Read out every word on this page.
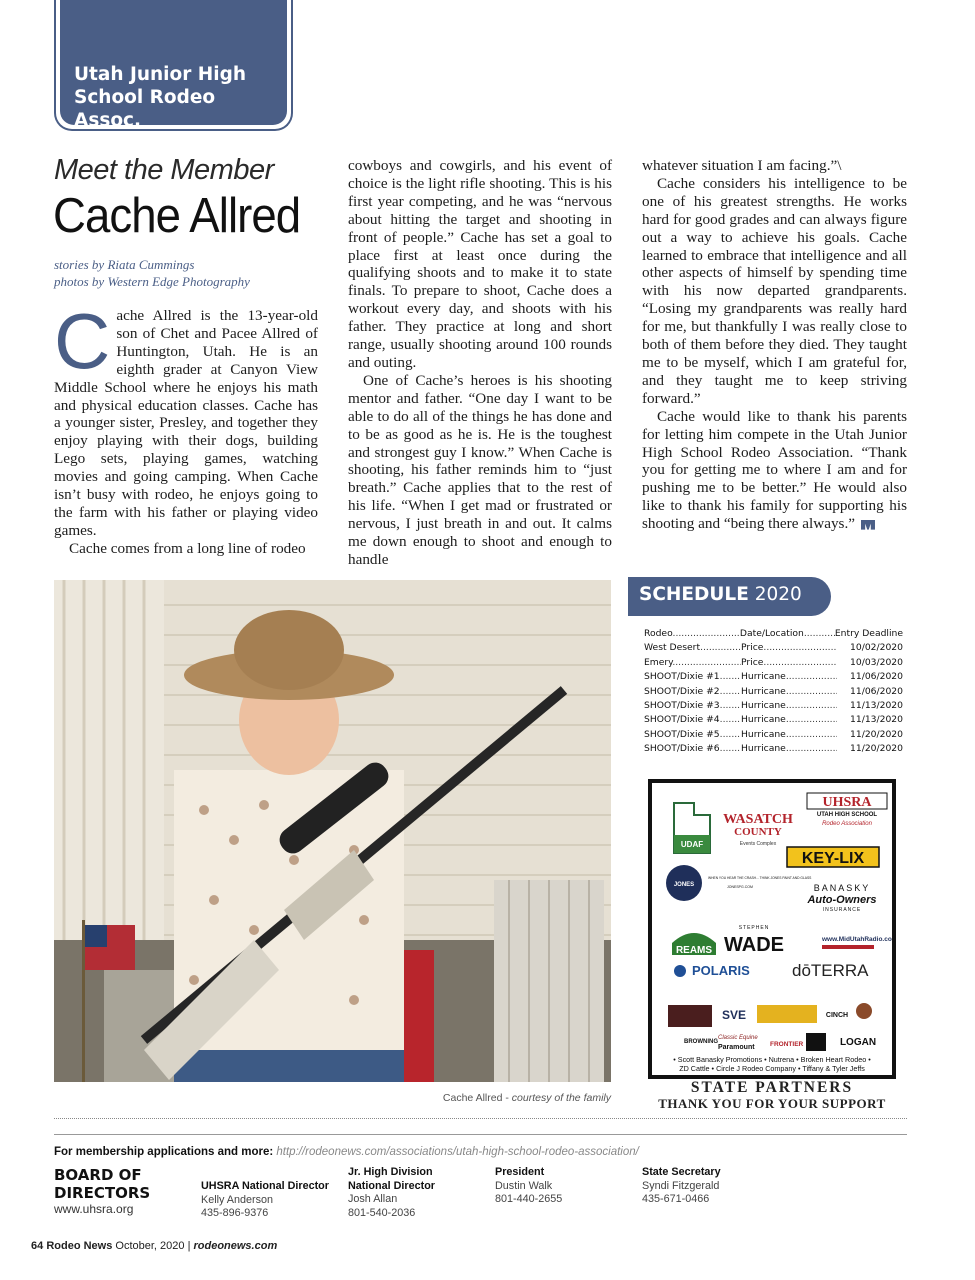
Utah Junior High School Rodeo Assoc.
Meet the Member
Cache Allred
stories by Riata Cummings
photos by Western Edge Photography

Cache Allred is the 13-year-old son of Chet and Pacee Allred of Huntington, Utah. He is an eighth grader at Canyon View Middle School where he enjoys his math and physical education classes. Cache has a younger sister, Presley, and together they enjoy playing with their dogs, building Lego sets, playing games, watching movies and going camping. When Cache isn’t busy with rodeo, he enjoys going to the farm with his father or playing video games.

Cache comes from a long line of rodeo

cowboys and cowgirls, and his event of choice is the light rifle shooting. This is his first year competing, and he was “nervous about hitting the target and shooting in front of people.” Cache has set a goal to place first at least once during the qualifying shoots and to make it to state finals. To prepare to shoot, Cache does a workout every day, and shoots with his father. They practice at long and short range, usually shooting around 100 rounds and outing.

One of Cache’s heroes is his shooting mentor and father. “One day I want to be able to do all of the things he has done and to be as good as he is. He is the toughest and strongest guy I know.” When Cache is shooting, his father reminds him to “just breath.” Cache applies that to the rest of his life. “When I get mad or frustrated or nervous, I just breath in and out. It calms me down enough to shoot and enough to handle

whatever situation I am facing.”\

Cache considers his intelligence to be one of his greatest strengths. He works hard for good grades and can always figure out a way to achieve his goals. Cache learned to embrace that intelligence and all other aspects of himself by spending time with his now departed grandparents. “Losing my grandparents was really hard for me, but thankfully I was really close to both of them before they died. They taught me to be myself, which I am grateful for, and they taught me to keep striving forward.”

Cache would like to thank his parents for letting him compete in the Utah Junior High School Rodeo Association. “Thank you for getting me to where I am and for pushing me to be better.” He would also like to thank his family for supporting his shooting and “being there always.”

Cache Allred - courtesy of the family
SCHEDULE 2020
Rodeo .....	Date/Location .....	Entry Deadline
West Desert .....	Price .....	10/02/2020
Emery .....	Price .....	10/03/2020
SHOOT/Dixie #1 .....	Hurricane .....	11/06/2020
SHOOT/Dixie #2 .....	Hurricane .....	11/06/2020
SHOOT/Dixie #3 .....	Hurricane .....	11/13/2020
SHOOT/Dixie #4 .....	Hurricane .....	11/13/2020
SHOOT/Dixie #5 .....	Hurricane .....	11/20/2020
SHOOT/Dixie #6 .....	Hurricane .....	11/20/2020
UDAF
WASATCH
COUNTY
Events Complex
UHSRA
UTAH HIGH SCHOOL
Rodeo Association
KEY-LIX
JONES
WHEN YOU HEAR THE CRASH... THINK JONES PAINT AND GLASS
JONESPG.COM	BANASKY
Auto-Owners
INSURANCE
REAMS
STEPHEN
WADE	www.MidUtahRadio.com
POLARIS dōTERRA
SVE	CINCH
BROWNING
Classic Equine
Paramount FRONTIER	LOGAN
• Scott Banasky Promotions • Nutrena • Broken Heart Rodeo •
ZD Cattle • Circle J Rodeo Company • Tiffany & Tyler Jeffs
STATE PARTNERS
THANK YOU FOR YOUR SUPPORT
For membership applications and more: http://rodeonews.com/associations/utah-high-school-rodeo-association/
BOARD OF
DIRECTORS
www.uhsra.org
UHSRA National Director
Kelly Anderson
435-896-9376
Jr. High Division National Director
Josh Allan
801-540-2036
President
Dustin Walk
801-440-2655
State Secretary
Syndi Fitzgerald
435-671-0466
64 Rodeo News October, 2020 | rodeonews.com
